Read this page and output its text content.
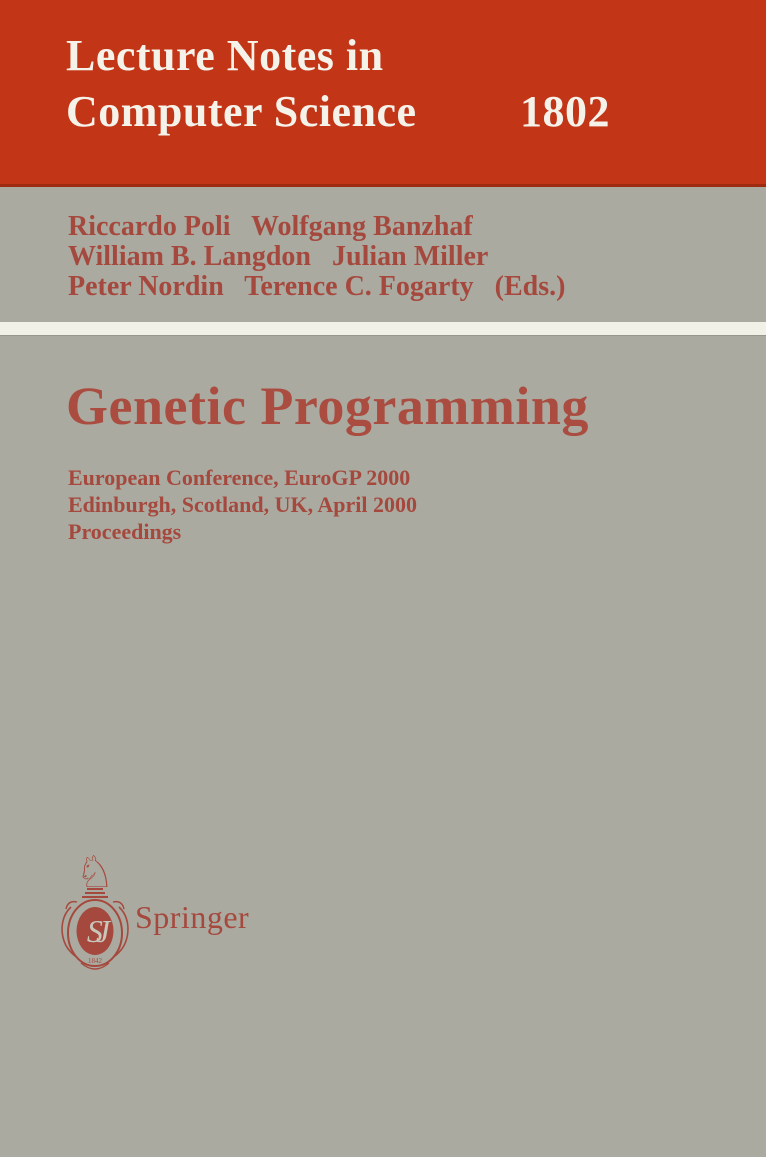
Lecture Notes in
Computer Science 1802
Riccardo Poli   Wolfgang Banzhaf
William B. Langdon   Julian Miller
Peter Nordin   Terence C. Fogarty   (Eds.)
Genetic Programming
European Conference, EuroGP 2000
Edinburgh, Scotland, UK, April 2000
Proceedings
♘
SJ
1842
Springer
